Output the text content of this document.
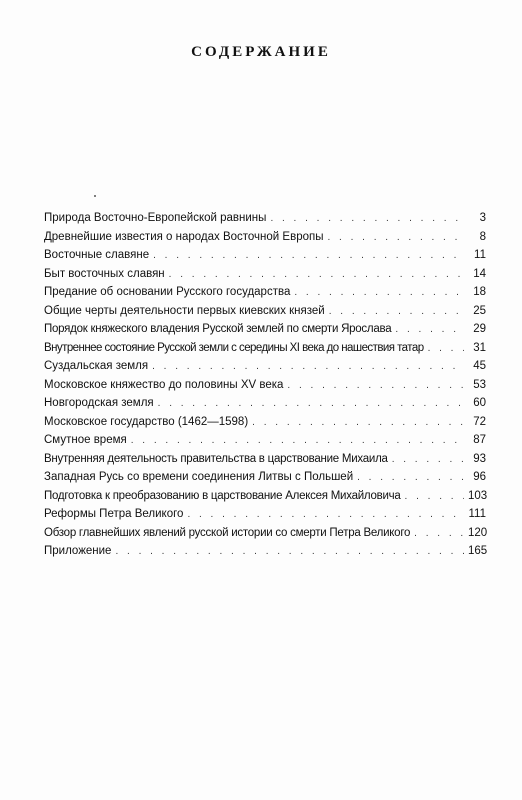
СОДЕРЖАНИЕ
Природа Восточно-Европейской равнины . . .	3
Древнейшие известия о народах Восточной Европы . . .	8
Восточные славяне . . .	11
Быт восточных славян . . .	14
Предание об основании Русского государства . . .	18
Общие черты деятельности первых киевских князей . . .	25
Порядок княжеского владения Русской землей по смерти Ярослава . . .	29
Внутреннее состояние Русской земли с середины XI века до нашествия татар . . .	31
Суздальская земля . . .	45
Московское княжество до половины XV века . . .	53
Новгородская земля . . .	60
Московское государство (1462—1598) . . .	72
Смутное время . . .	87
Внутренняя деятельность правительства в царствование Михаила . . .	93
Западная Русь со времени соединения Литвы с Польшей . . .	96
Подготовка к преобразованию в царствование Алексея Михайловича . . .	103
Реформы Петра Великого . . .	111
Обзор главнейших явлений русской истории со смерти Петра Великого . . .	120
Приложение . . .	165
